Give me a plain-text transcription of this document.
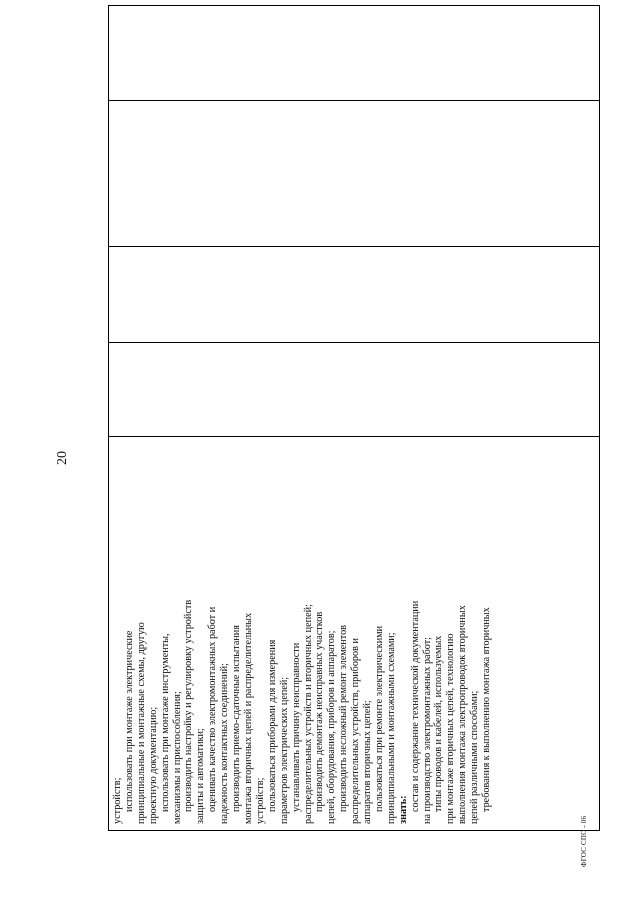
20
устройств; использовать при монтаже электрические принципиальные и монтажные схемы, другую проектную документацию; использовать при монтаже инструменты, механизмы и приспособления; производить настройку и регулировку устройств защиты и автоматики; оценивать качество электромонтажных работ и надежность контактных соединений; производить приемо-сдаточные испытания монтажа вторичных цепей и распределительных устройств; пользоваться приборами для измерения параметров электрических цепей; устанавливать причину неисправности распределительных устройств и вторичных цепей; производить демонтаж неисправных участков цепей, оборудования, приборов и аппаратов; производить несложный ремонт элементов распределительных устройств, приборов и аппаратов вторичных цепей; пользоваться при ремонте электрическими принципиальными и монтажными схемами; знать: состав и содержание технической документации на производство электромонтажных работ; типы проводов и кабелей, используемых при монтаже вторичных цепей, технологию выполнения монтажа электропроводок вторичных цепей различными способами; требования к выполнению монтажа вторичных

ФГОС СПО - 06
